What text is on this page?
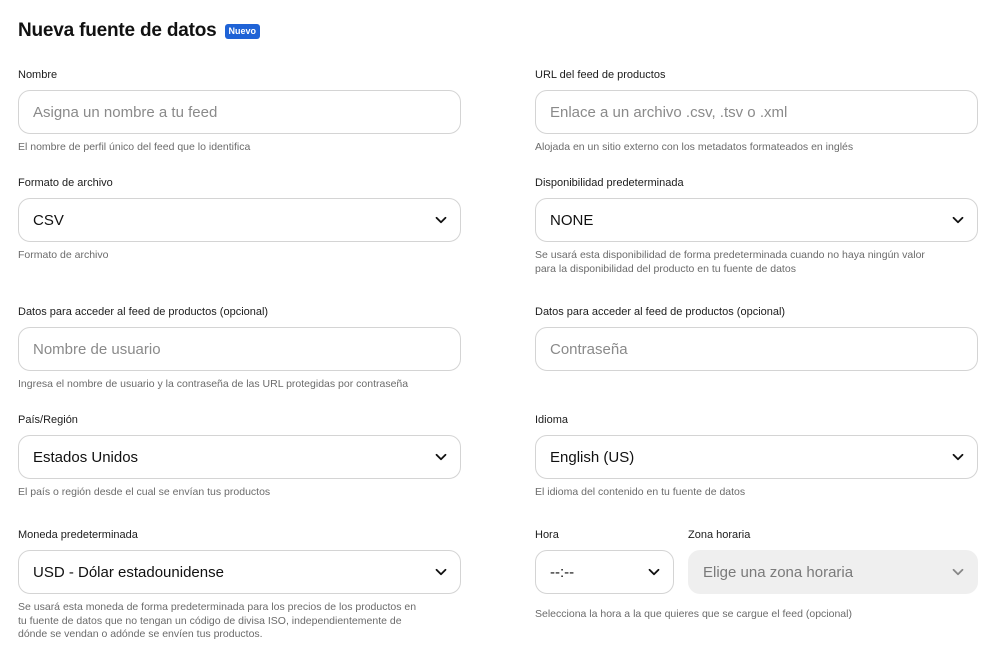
Nueva fuente de datos	Nuevo
Nombre
Asigna un nombre a tu feed
El nombre de perfil único del feed que lo identifica
URL del feed de productos
Enlace a un archivo .csv, .tsv o .xml
Alojada en un sitio externo con los metadatos formateados en inglés
Formato de archivo
CSV
Formato de archivo
Disponibilidad predeterminada
NONE
Se usará esta disponibilidad de forma predeterminada cuando no haya ningún valor
para la disponibilidad del producto en tu fuente de datos
Datos para acceder al feed de productos (opcional)
Nombre de usuario
Ingresa el nombre de usuario y la contraseña de las URL protegidas por contraseña
Datos para acceder al feed de productos (opcional)
País/Región
Estados Unidos
El país o región desde el cual se envían tus productos
Idioma
English (US)
El idioma del contenido en tu fuente de datos
Moneda predeterminada
USD - Dólar estadounidense
Se usará esta moneda de forma predeterminada para los precios de los productos en
tu fuente de datos que no tengan un código de divisa ISO, independientemente de
dónde se vendan o adónde se envíen tus productos.
Hora
--:--
Zona horaria
Elige una zona horaria
Selecciona la hora a la que quieres que se cargue el feed (opcional)
